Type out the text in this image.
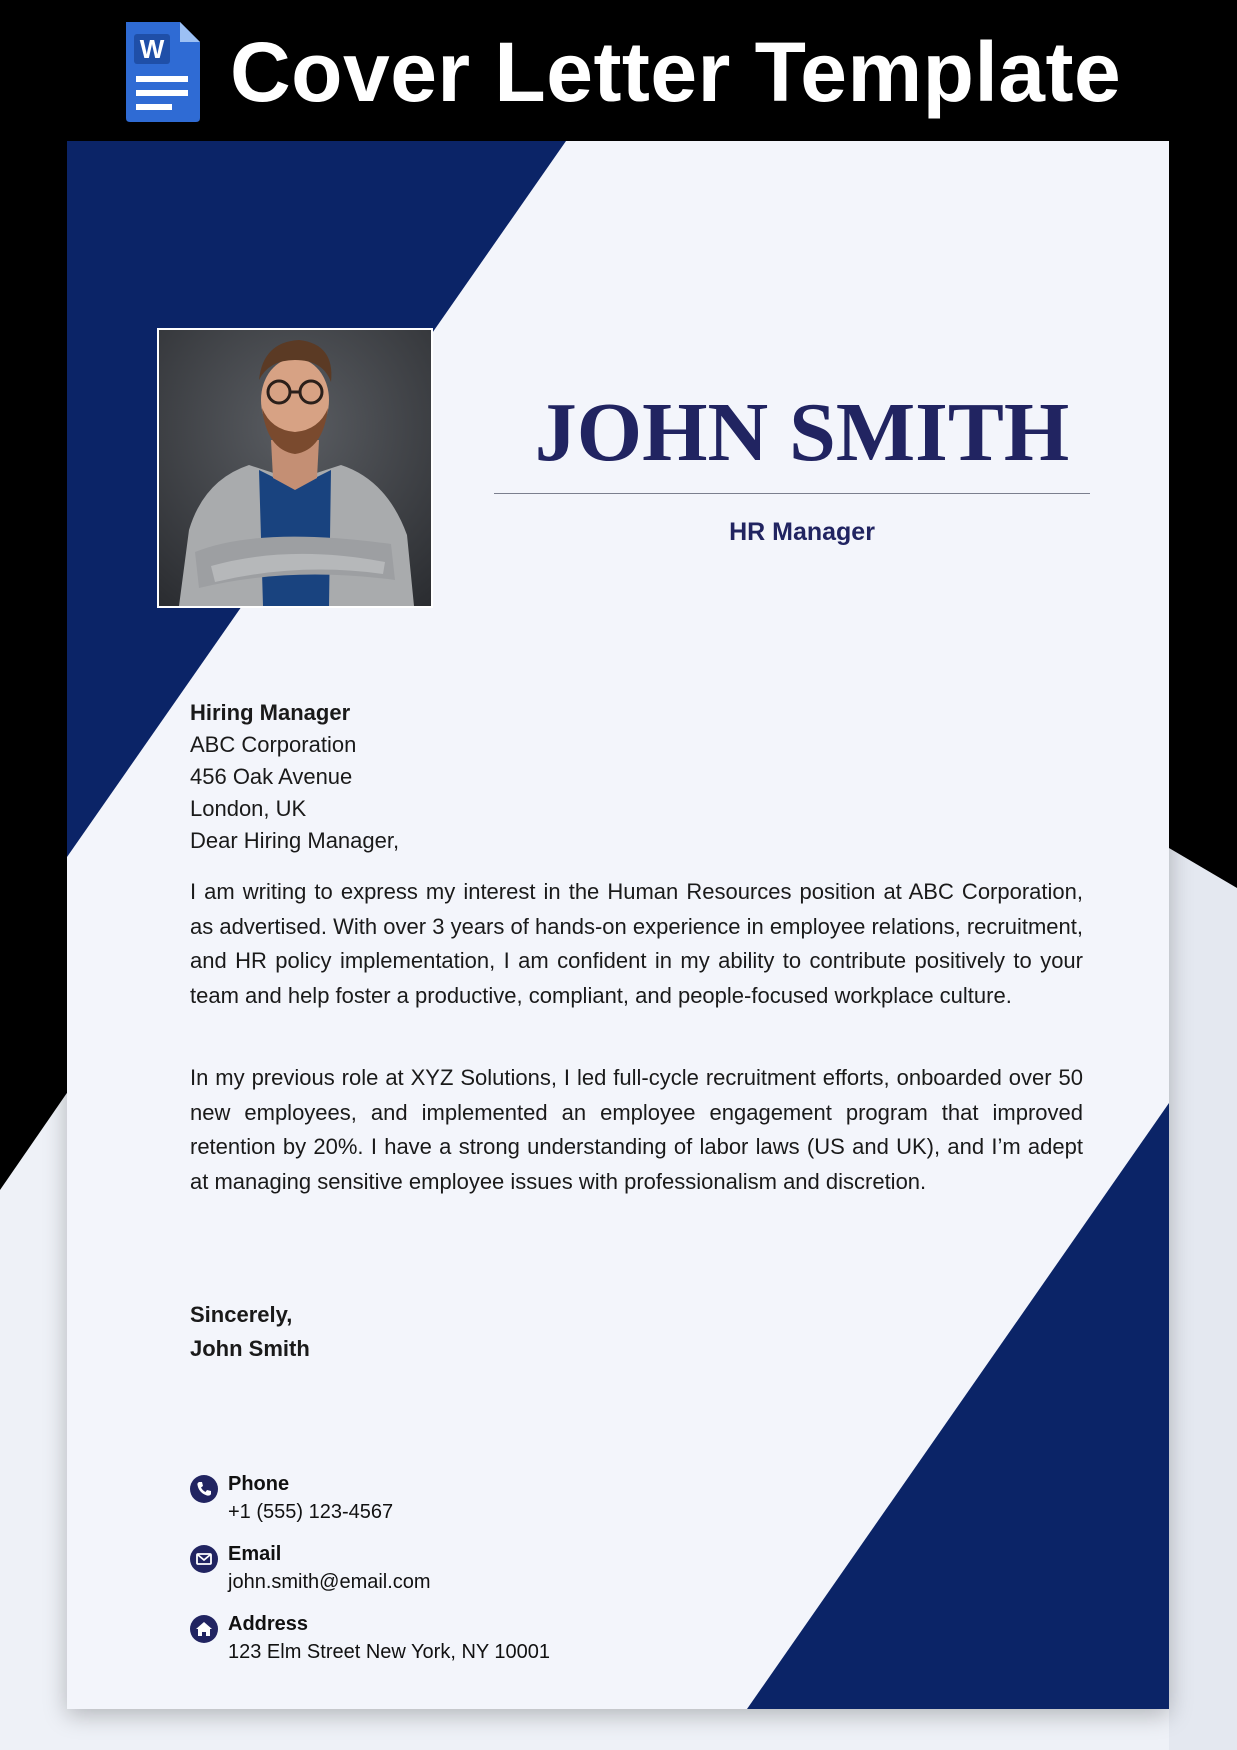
W Cover Letter Template
JOHN SMITH
HR Manager
Hiring Manager
ABC Corporation
456 Oak Avenue
London, UK
Dear Hiring Manager,

I am writing to express my interest in the Human Resources position at ABC Corporation, as advertised. With over 3 years of hands-on experience in employee relations, recruitment, and HR policy implementation, I am confident in my ability to contribute positively to your team and help foster a productive, compliant, and people-focused workplace culture.

In my previous role at XYZ Solutions, I led full-cycle recruitment efforts, onboarded over 50 new employees, and implemented an employee engagement program that improved retention by 20%. I have a strong understanding of labor laws (US and UK), and I’m adept at managing sensitive employee issues with professionalism and discretion.

Sincerely,
John Smith
Phone
+1 (555) 123-4567
Email
john.smith@email.com
Address
123 Elm Street New York, NY 10001
